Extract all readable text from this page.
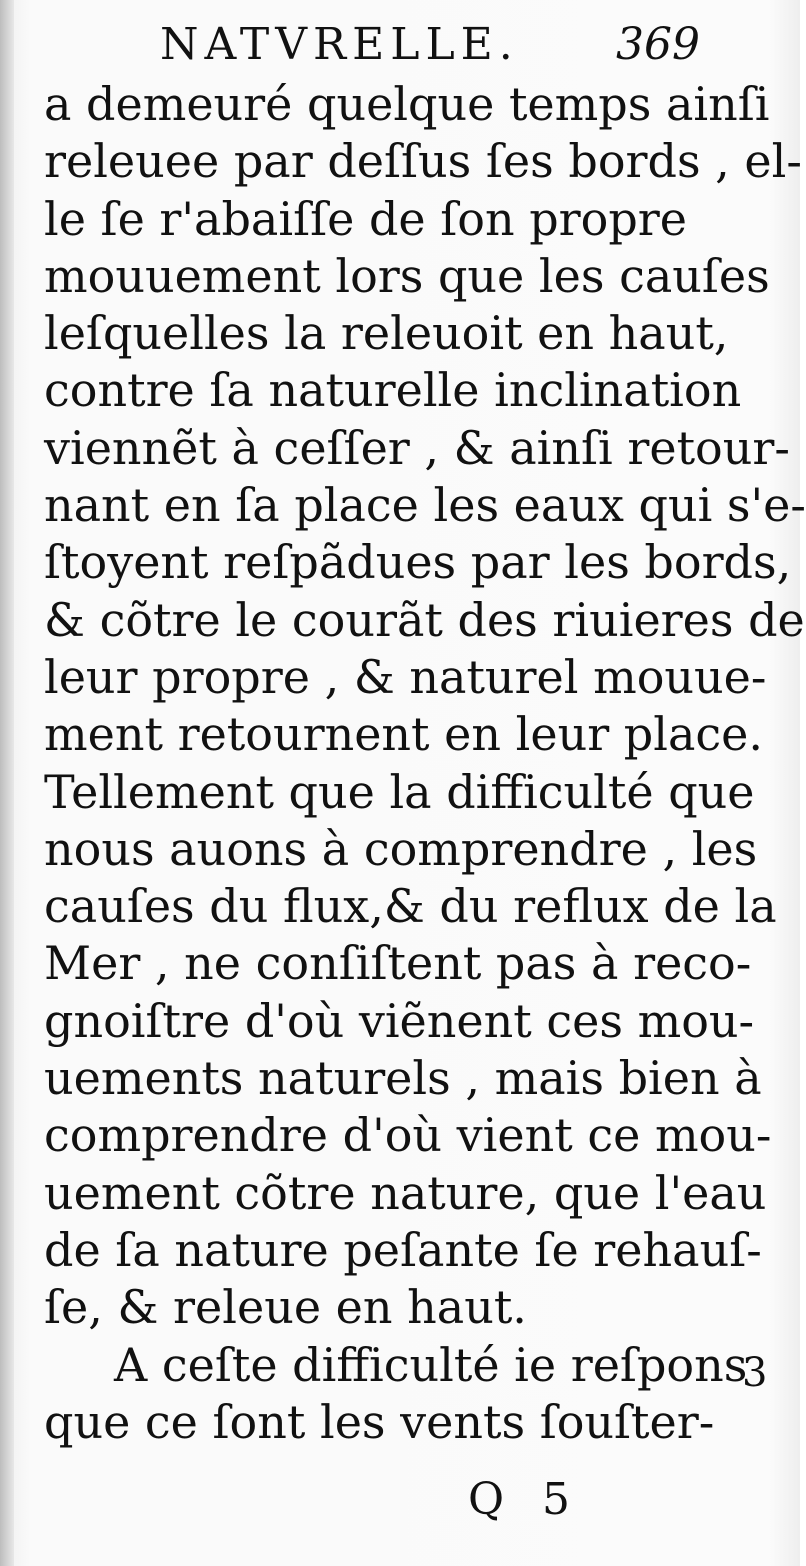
NATVRELLE. 369
a demeuré quelque temps ainſi
releuee par deſſus ſes bords , el-
le ſe r'abaiſſe de ſon propre
mouuement lors que les cauſes
leſquelles la releuoit en haut,
contre ſa naturelle inclination
viennẽt à ceſſer , & ainſi retour-
nant en ſa place les eaux qui s'e-
ſtoyent reſpãdues par les bords,
& cõtre le courãt des riuieres de
leur propre , & naturel mouue-
ment retournent en leur place.
Tellement que la difficulté que
nous auons à comprendre , les
cauſes du flux,& du reflux de la
Mer , ne conſiſtent pas à reco-
gnoiſtre d'où viẽnent ces mou-
uements naturels , mais bien à
comprendre d'où vient ce mou-
uement cõtre nature, que l'eau
de ſa nature peſante ſe rehauſ-
ſe, & releue en haut.
A ceſte difficulté ie reſpons
que ce ſont les vents ſouſter-
3
Q 5
